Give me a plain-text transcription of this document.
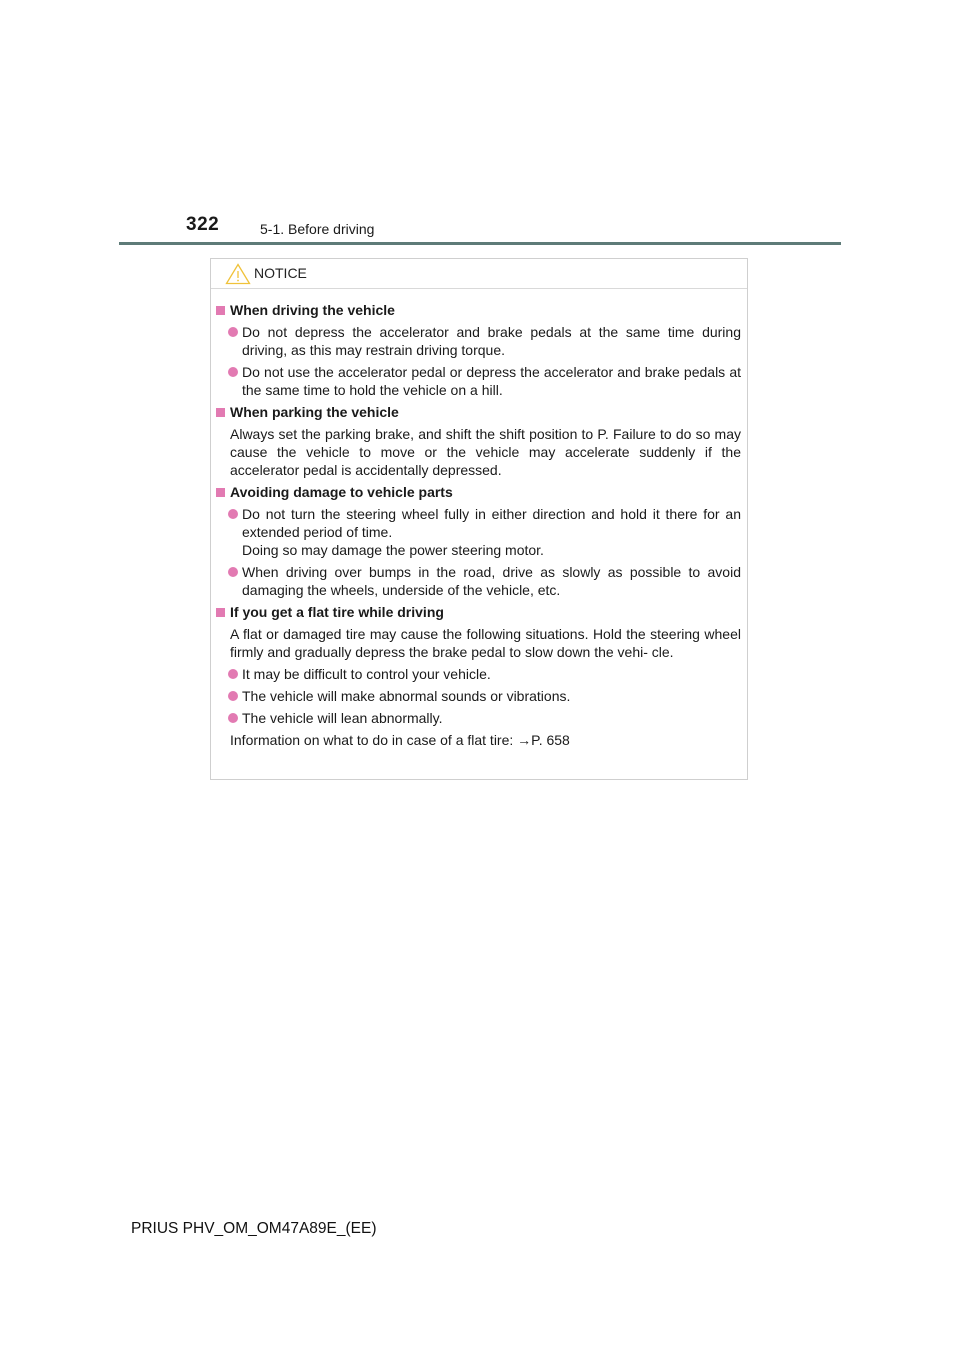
322	5-1. Before driving
NOTICE
When driving the vehicle
Do not depress the accelerator and brake pedals at the same time during driving, as this may restrain driving torque.
Do not use the accelerator pedal or depress the accelerator and brake pedals at the same time to hold the vehicle on a hill.
When parking the vehicle
Always set the parking brake, and shift the shift position to P. Failure to do so may cause the vehicle to move or the vehicle may accelerate suddenly if the accelerator pedal is accidentally depressed.
Avoiding damage to vehicle parts
Do not turn the steering wheel fully in either direction and hold it there for an extended period of time.
Doing so may damage the power steering motor.
When driving over bumps in the road, drive as slowly as possible to avoid damaging the wheels, underside of the vehicle, etc.
If you get a flat tire while driving
A flat or damaged tire may cause the following situations. Hold the steering wheel firmly and gradually depress the brake pedal to slow down the vehi- cle.
It may be difficult to control your vehicle.
The vehicle will make abnormal sounds or vibrations.
The vehicle will lean abnormally.
Information on what to do in case of a flat tire: →P. 658
PRIUS PHV_OM_OM47A89E_(EE)
